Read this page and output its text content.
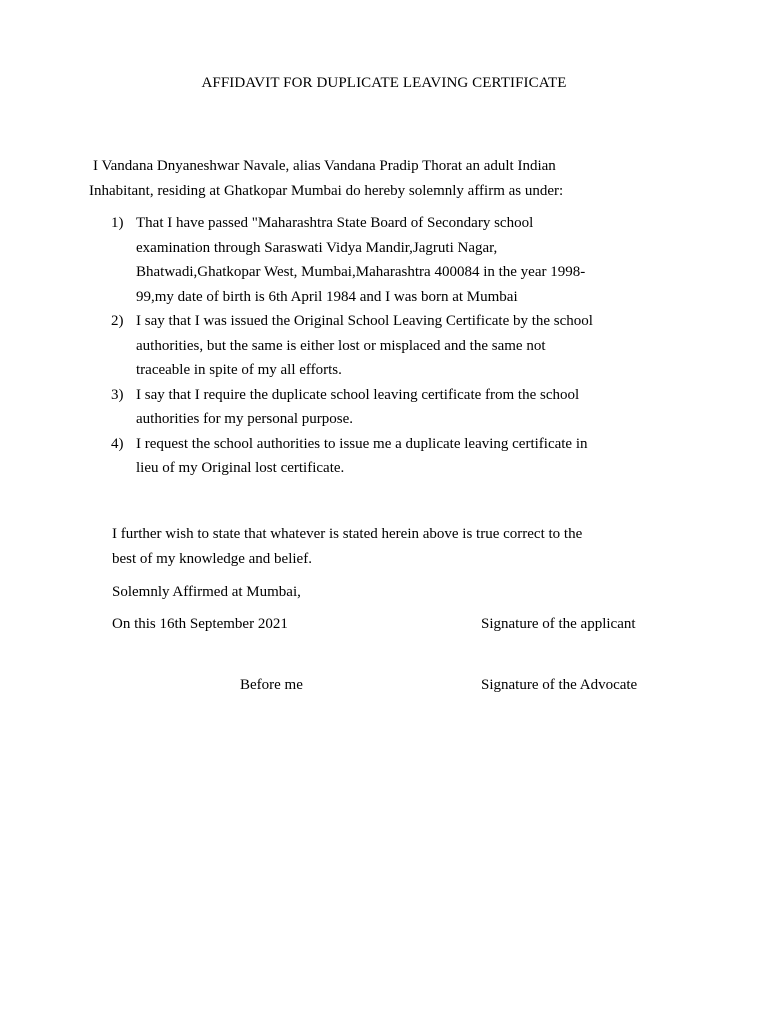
AFFIDAVIT FOR DUPLICATE LEAVING CERTIFICATE
I Vandana Dnyaneshwar Navale, alias Vandana Pradip Thorat an adult Indian
Inhabitant, residing at Ghatkopar Mumbai do hereby solemnly affirm as under:
1) That I have passed "Maharashtra State Board of Secondary school
examination through Saraswati Vidya Mandir,Jagruti Nagar,
Bhatwadi,Ghatkopar West, Mumbai,Maharashtra 400084 in the year 1998-
99,my date of birth is 6th April 1984 and I was born at Mumbai
2) I say that I was issued the Original School Leaving Certificate by the school
authorities, but the same is either lost or misplaced and the same not
traceable in spite of my all efforts.
3) I say that I require the duplicate school leaving certificate from the school
authorities for my personal purpose.
4) I request the school authorities to issue me a duplicate leaving certificate in
lieu of my Original lost certificate.
I further wish to state that whatever is stated herein above is true correct to the
best of my knowledge and belief.
Solemnly Affirmed at Mumbai,
On this 16th September 2021	Signature of the applicant
Before me	Signature of the Advocate
